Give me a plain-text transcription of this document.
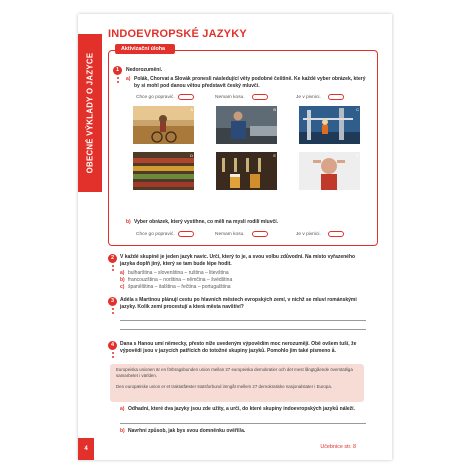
OBECNÉ VÝKLADY O JAZYCE
INDOEVROPSKÉ JAZYKY
Aktivizační úloha
1	Nedorozumění.
a) Polák, Chorvat a Slovák pronesli následující věty podobné češtině. Ke každé vyber obrázek, který by si mohl pod danou větou představit český mluvčí.
Chce go popravić.	Nemam kosu.	Je v pivnici.
A	B	C
D	E	F
b) Vyber obrázek, který vystihne, co měli na mysli rodilí mluvčí.
Chce go popravić.	Nemam kosu.	Je v pivnici.
2	V každé skupině je jeden jazyk navíc. Urči, který to je, a svou volbu zdůvodni. Na místo vyřazeného jazyka doplň jiný, který se tam bude lépe hodit.
a) bulharština – slovenština – ruština – litevština
b) francouzština – norština – němčina – švédština
c) španělština – italština – řečtina – portugalština
3	Adéla s Martinou plánují cestu po hlavních městech evropských zemí, v nichž se mluví románskými jazyky. Kolik zemí procestují a která města navštíví?
4	Dana s Hanou umí německy, přesto níže uvedeným výpovědím moc nerozumějí. Obě ovšem tuší, že výpovědi jsou v jazycích patřících do totožné skupiny jazyků. Pomohlo jim také písmeno å.
Europeiska unionen är en förbragsbunden union mellan 27 europeiska demokratier och det mest långtgående överstatliga samarbetet i världen.
Den europæiske union er et traktatfæster statsforbund imngåt mellem 27 demokratiske nasjonalstater i Europa.
a) Odhadni, které dva jazyky jsou zde užity, a urči, do které skupiny indoevropských jazyků náleží.
b) Navrhni způsob, jak bys svou domněnku ověřil/a.
4	Učebnice str. 8
